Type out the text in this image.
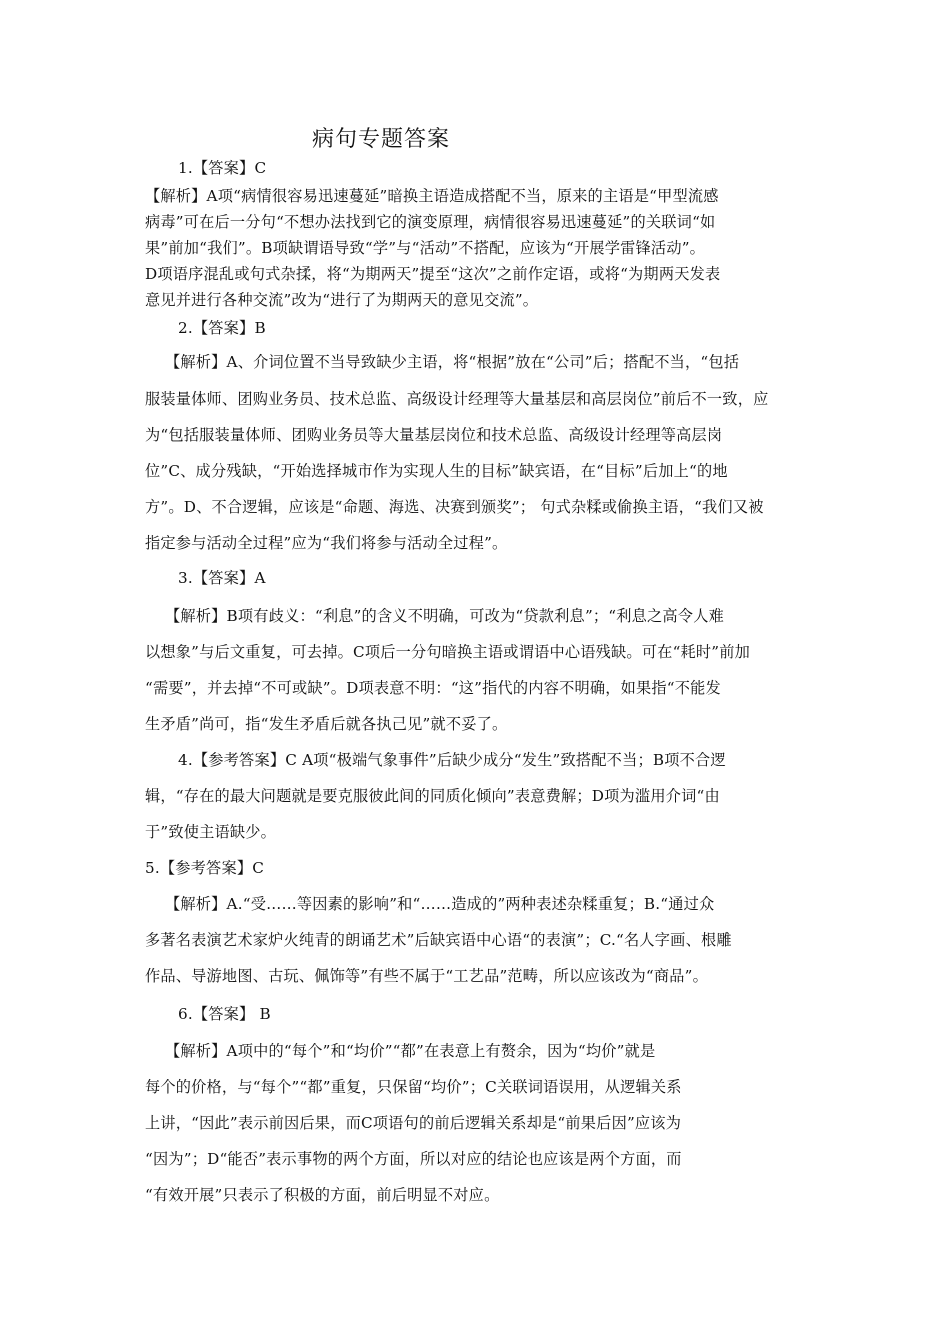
病句专题答案
1.【答案】C
【解析】A项“病情很容易迅速蔓延”暗换主语造成搭配不当，原来的主语是“甲型流感
病毒”可在后一分句“不想办法找到它的演变原理，病情很容易迅速蔓延”的关联词“如
果”前加“我们”。B项缺谓语导致“学”与“活动”不搭配，应该为“开展学雷锋活动”。
D项语序混乱或句式杂揉，将“为期两天”提至“这次”之前作定语，或将“为期两天发表
意见并进行各种交流”改为“进行了为期两天的意见交流”。
2.【答案】B
【解析】A、介词位置不当导致缺少主语，将“根据”放在“公司”后；搭配不当，“包括
服装量体师、团购业务员、技术总监、高级设计经理等大量基层和高层岗位”前后不一致，应
为“包括服装量体师、团购业务员等大量基层岗位和技术总监、高级设计经理等高层岗
位”C、成分残缺，“开始选择城市作为实现人生的目标”缺宾语，在“目标”后加上“的地
方”。D、不合逻辑，应该是“命题、海选、决赛到颁奖”； 句式杂糅或偷换主语，“我们又被
指定参与活动全过程”应为“我们将参与活动全过程”。
3.【答案】A
【解析】B项有歧义：“利息”的含义不明确，可改为“贷款利息”；“利息之高令人难
以想象”与后文重复，可去掉。C项后一分句暗换主语或谓语中心语残缺。可在“耗时”前加
“需要”，并去掉“不可或缺”。D项表意不明：“这”指代的内容不明确，如果指“不能发
生矛盾”尚可，指“发生矛盾后就各执己见”就不妥了。
4.【参考答案】C A项“极端气象事件”后缺少成分“发生”致搭配不当；B项不合逻
辑，“存在的最大问题就是要克服彼此间的同质化倾向”表意费解；D项为滥用介词“由
于”致使主语缺少。
5.【参考答案】C
【解析】A.“受……等因素的影响”和“……造成的”两种表述杂糅重复；B.“通过众
多著名表演艺术家炉火纯青的朗诵艺术”后缺宾语中心语“的表演”；C.“名人字画、根雕
作品、导游地图、古玩、佩饰等”有些不属于“工艺品”范畴，所以应该改为“商品”。
6.【答案】 B
【解析】A项中的“每个”和“均价”“都”在表意上有赘余，因为“均价”就是
每个的价格，与“每个”“都”重复，只保留“均价”；C关联词语误用，从逻辑关系
上讲，“因此”表示前因后果，而C项语句的前后逻辑关系却是“前果后因”应该为
“因为”；D“能否”表示事物的两个方面，所以对应的结论也应该是两个方面，而
“有效开展”只表示了积极的方面，前后明显不对应。
